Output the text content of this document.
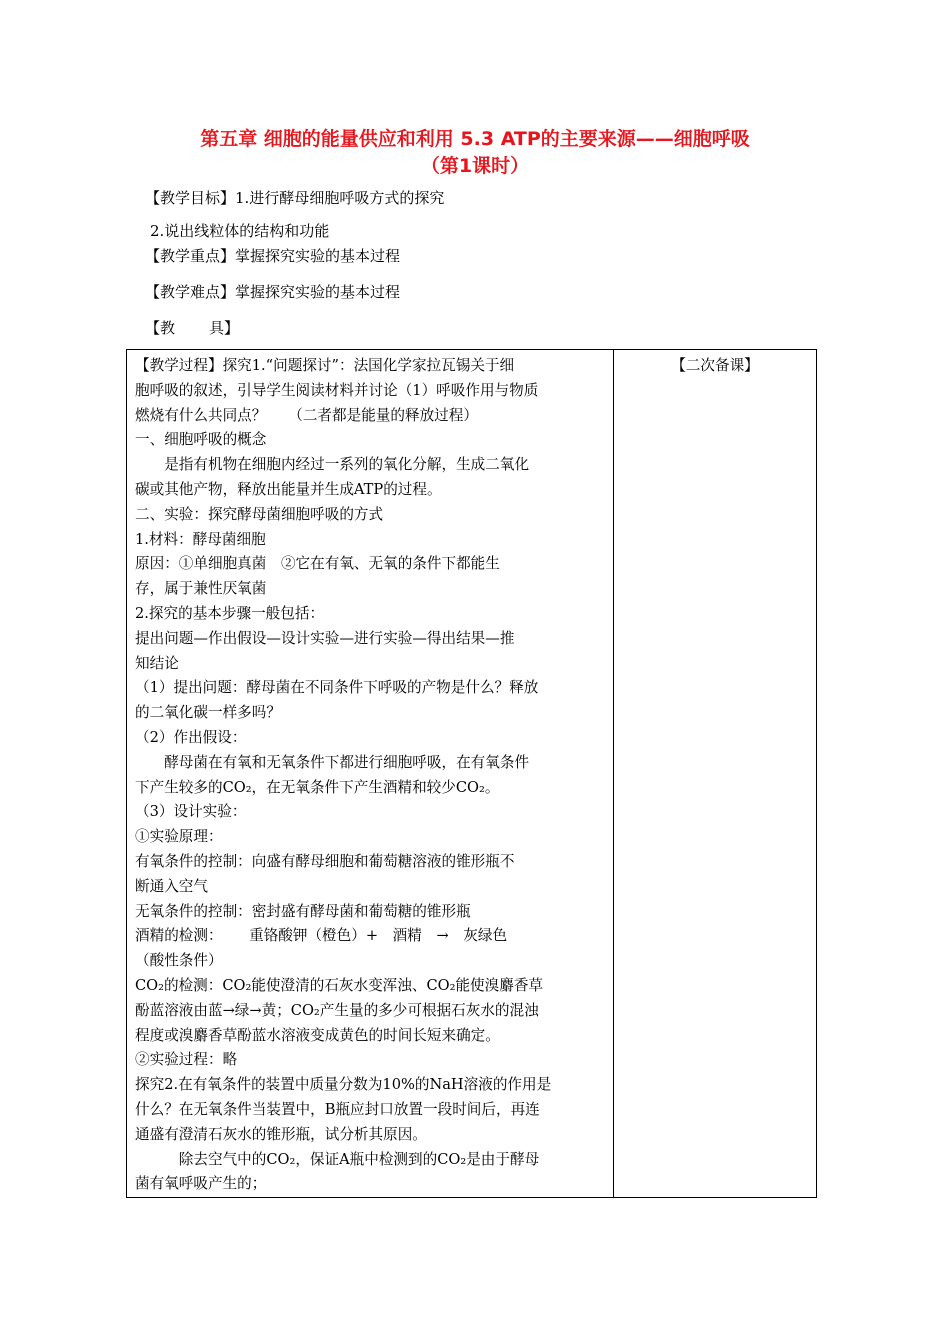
第五章 细胞的能量供应和利用 5.3 ATP的主要来源——细胞呼吸
（第1课时）
【教学目标】1.进行酵母细胞呼吸方式的探究
2.说出线粒体的结构和功能
【教学重点】掌握探究实验的基本过程
【教学难点】掌握探究实验的基本过程
【教 具】
【教学过程】探究1.“问题探讨”：法国化学家拉瓦锡关于细
胞呼吸的叙述，引导学生阅读材料并讨论（1）呼吸作用与物质
燃烧有什么共同点？　　（二者都是能量的释放过程）
一、细胞呼吸的概念
　　是指有机物在细胞内经过一系列的氧化分解，生成二氧化
碳或其他产物，释放出能量并生成ATP的过程。
二、实验：探究酵母菌细胞呼吸的方式
1.材料：酵母菌细胞
原因：①单细胞真菌　②它在有氧、无氧的条件下都能生
存，属于兼性厌氧菌
2.探究的基本步骤一般包括：
提出问题—作出假设—设计实验—进行实验—得出结果—推
知结论
（1）提出问题：酵母菌在不同条件下呼吸的产物是什么？释放
的二氧化碳一样多吗？
（2）作出假设：
　　酵母菌在有氧和无氧条件下都进行细胞呼吸，在有氧条件
下产生较多的CO₂，在无氧条件下产生酒精和较少CO₂。
（3）设计实验：
①实验原理：
有氧条件的控制：向盛有酵母细胞和葡萄糖溶液的锥形瓶不
断通入空气
无氧条件的控制：密封盛有酵母菌和葡萄糖的锥形瓶
酒精的检测：　　 重铬酸钾（橙色）+　酒精　→　灰绿色
（酸性条件）
CO₂的检测：CO₂能使澄清的石灰水变浑浊、CO₂能使溴麝香草
酚蓝溶液由蓝→绿→黄；CO₂产生量的多少可根据石灰水的混浊
程度或溴麝香草酚蓝水溶液变成黄色的时间长短来确定。
②实验过程：略
探究2.在有氧条件的装置中质量分数为10%的NaH溶液的作用是
什么？在无氧条件当装置中，B瓶应封口放置一段时间后，再连
通盛有澄清石灰水的锥形瓶，试分析其原因。
　　　除去空气中的CO₂，保证A瓶中检测到的CO₂是由于酵母
菌有氧呼吸产生的；

【二次备课】
